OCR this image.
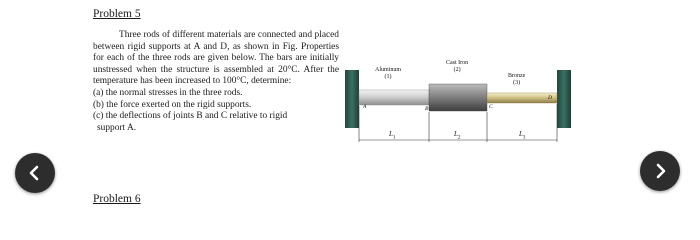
Problem 5

Three rods of different materials are connected and placed between rigid supports at A and D, as shown in Fig. Properties for each of the three rods are given below. The bars are initially unstressed when the structure is assembled at 20°C. After the temperature has been increased to 100°C, determine:

(a) the normal stresses in the three rods.

(b) the force exerted on the rigid supports.

(c) the deflections of joints B and C relative to rigid

support A.

Aluminum
(1)
Cast Iron
(2)
Bronze
(3)
A	B	C
D
$L_1$	$L_2$	$L_3$
Problem 6
